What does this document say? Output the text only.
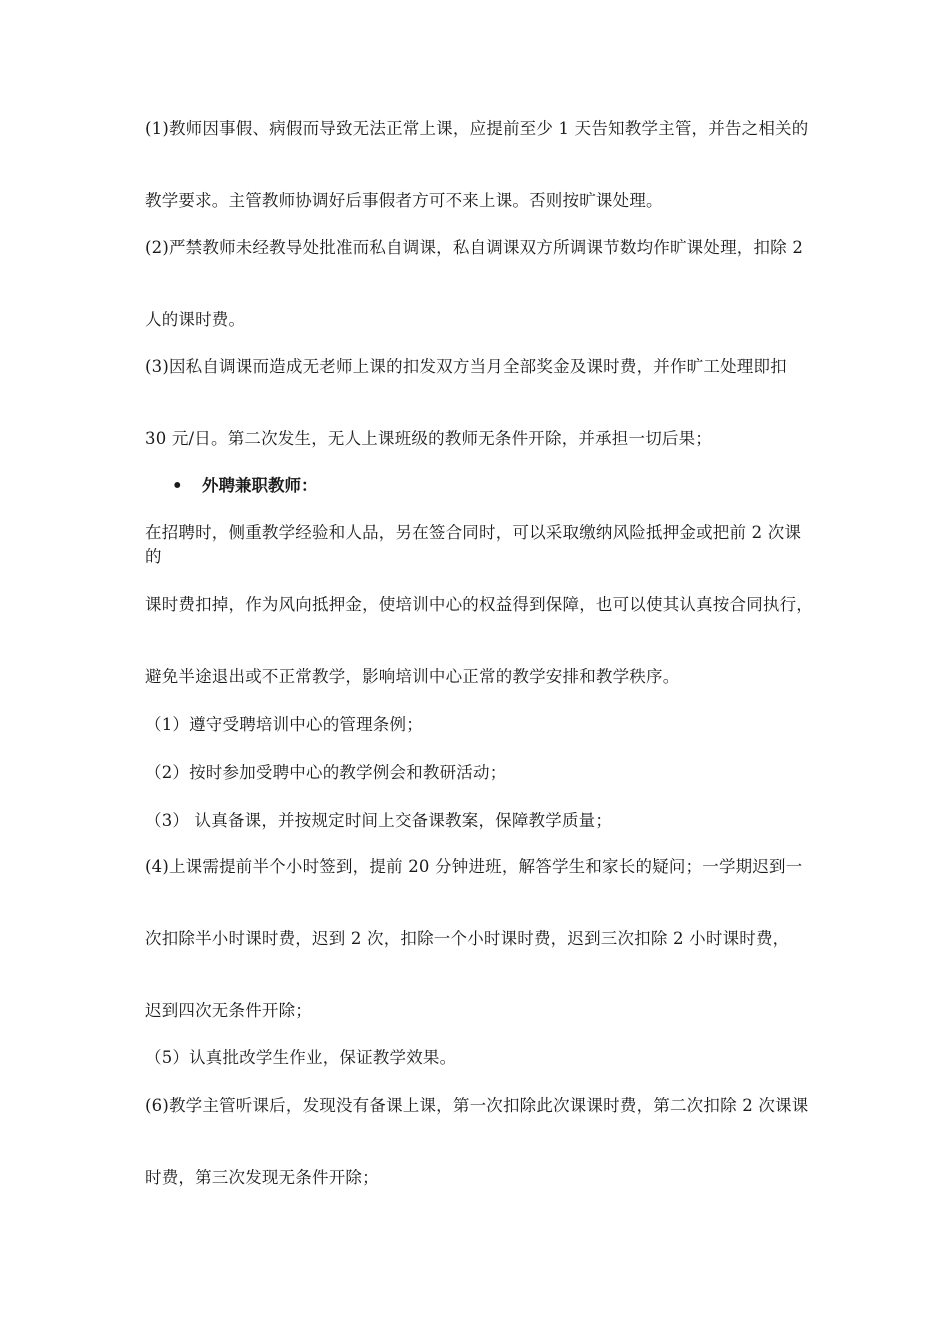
(1)教师因事假、病假而导致无法正常上课，应提前至少 1 天告知教学主管，并告之相关的

教学要求。主管教师协调好后事假者方可不来上课。否则按旷课处理。

(2)严禁教师未经教导处批准而私自调课，私自调课双方所调课节数均作旷课处理，扣除 2

人的课时费。

(3)因私自调课而造成无老师上课的扣发双方当月全部奖金及课时费，并作旷工处理即扣

30 元/日。第二次发生，无人上课班级的教师无条件开除，并承担一切后果；

• 外聘兼职教师：

在招聘时，侧重教学经验和人品，另在签合同时，可以采取缴纳风险抵押金或把前 2 次课的

课时费扣掉，作为风向抵押金，使培训中心的权益得到保障，也可以使其认真按合同执行，

避免半途退出或不正常教学，影响培训中心正常的教学安排和教学秩序。

（1）遵守受聘培训中心的管理条例；

（2）按时参加受聘中心的教学例会和教研活动；

（3） 认真备课，并按规定时间上交备课教案，保障教学质量；

(4)上课需提前半个小时签到，提前 20 分钟进班，解答学生和家长的疑问；一学期迟到一

次扣除半小时课时费，迟到 2 次，扣除一个小时课时费，迟到三次扣除 2 小时课时费，

迟到四次无条件开除；

（5）认真批改学生作业，保证教学效果。

(6)教学主管听课后，发现没有备课上课，第一次扣除此次课课时费，第二次扣除 2 次课课

时费，第三次发现无条件开除；
